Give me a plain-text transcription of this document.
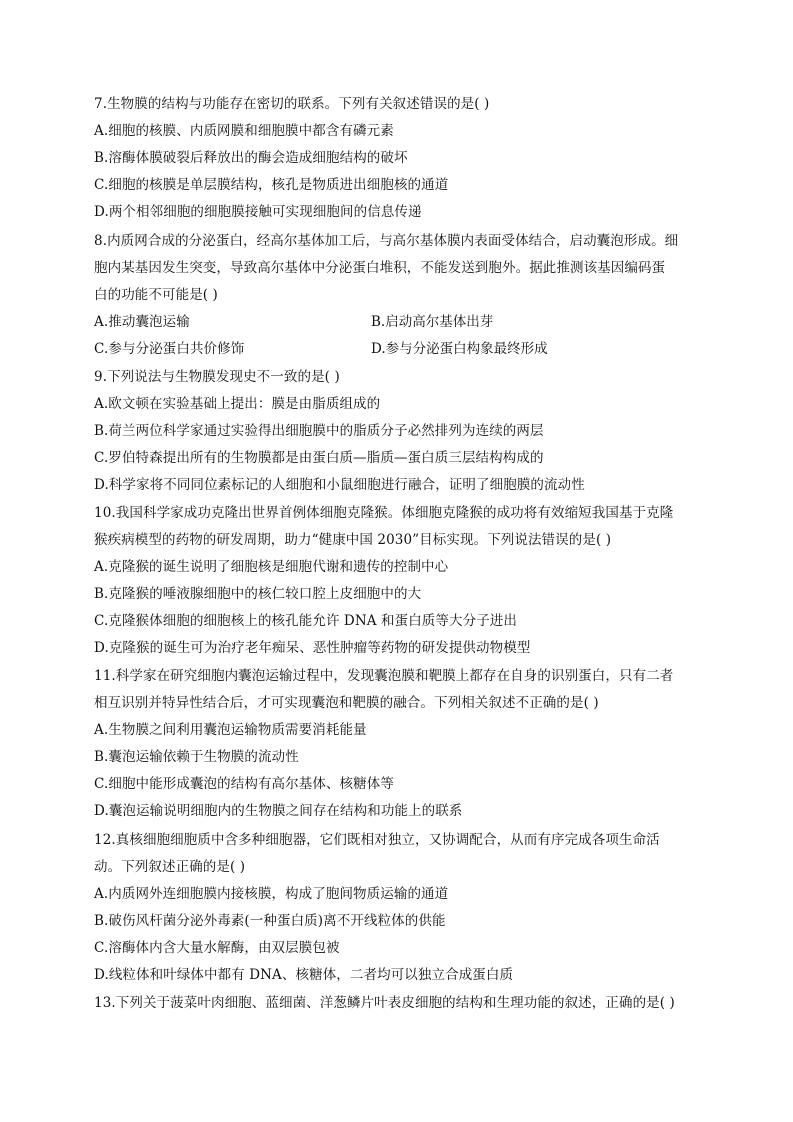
7.生物膜的结构与功能存在密切的联系。下列有关叙述错误的是( )
A.细胞的核膜、内质网膜和细胞膜中都含有磷元素
B.溶酶体膜破裂后释放出的酶会造成细胞结构的破坏
C.细胞的核膜是单层膜结构，核孔是物质进出细胞核的通道
D.两个相邻细胞的细胞膜接触可实现细胞间的信息传递
8.内质网合成的分泌蛋白，经高尔基体加工后，与高尔基体膜内表面受体结合，启动囊泡形成。细
胞内某基因发生突变，导致高尔基体中分泌蛋白堆积，不能发送到胞外。据此推测该基因编码蛋
白的功能不可能是( )
A.推动囊泡运输	B.启动高尔基体出芽
C.参与分泌蛋白共价修饰	D.参与分泌蛋白构象最终形成
9.下列说法与生物膜发现史不一致的是( )
A.欧文顿在实验基础上提出：膜是由脂质组成的
B.荷兰两位科学家通过实验得出细胞膜中的脂质分子必然排列为连续的两层
C.罗伯特森提出所有的生物膜都是由蛋白质—脂质—蛋白质三层结构构成的
D.科学家将不同同位素标记的人细胞和小鼠细胞进行融合，证明了细胞膜的流动性
10.我国科学家成功克隆出世界首例体细胞克隆猴。体细胞克隆猴的成功将有效缩短我国基于克隆
猴疾病模型的药物的研发周期，助力“健康中国 2030”目标实现。下列说法错误的是( )
A.克隆猴的诞生说明了细胞核是细胞代谢和遗传的控制中心
B.克隆猴的唾液腺细胞中的核仁较口腔上皮细胞中的大
C.克隆猴体细胞的细胞核上的核孔能允许 DNA 和蛋白质等大分子进出
D.克隆猴的诞生可为治疗老年痴呆、恶性肿瘤等药物的研发提供动物模型
11.科学家在研究细胞内囊泡运输过程中，发现囊泡膜和靶膜上都存在自身的识别蛋白，只有二者
相互识别并特异性结合后，才可实现囊泡和靶膜的融合。下列相关叙述不正确的是( )
A.生物膜之间利用囊泡运输物质需要消耗能量
B.囊泡运输依赖于生物膜的流动性
C.细胞中能形成囊泡的结构有高尔基体、核糖体等
D.囊泡运输说明细胞内的生物膜之间存在结构和功能上的联系
12.真核细胞细胞质中含多种细胞器，它们既相对独立，又协调配合，从而有序完成各项生命活
动。下列叙述正确的是( )
A.内质网外连细胞膜内接核膜，构成了胞间物质运输的通道
B.破伤风杆菌分泌外毒素(一种蛋白质)离不开线粒体的供能
C.溶酶体内含大量水解酶，由双层膜包被
D.线粒体和叶绿体中都有 DNA、核糖体，二者均可以独立合成蛋白质
13.下列关于菠菜叶肉细胞、蓝细菌、洋葱鳞片叶表皮细胞的结构和生理功能的叙述，正确的是( )
